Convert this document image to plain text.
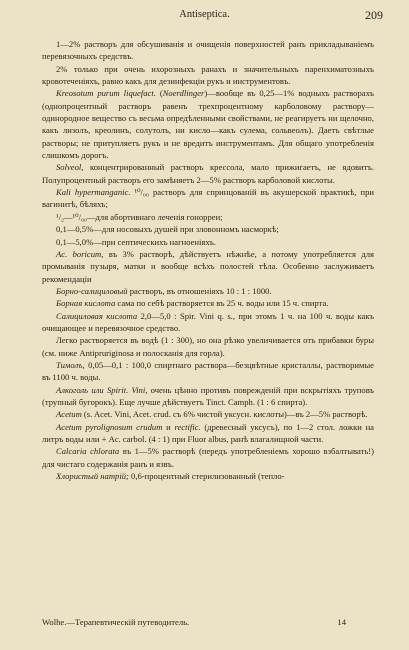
Antiseptica.	209

1—2% растворъ для обсушиванія и очищенія поверхностей ранъ прикладываніемъ перевязочныхъ средствъ.

2% только при очень ихорозныхъ ранахъ и значительныхъ паренхиматозныхъ кровотеченіяхъ, равно какъ для дезинфекціи рукъ и инструментовъ.

Kreosotum purum liquefact. (Noerdlinger)—вообще въ 0,25—1% водныхъ растворахъ (однопроцентный растворъ равенъ трехпроцентному карболовому раствору—одинородное вещество съ весьма опредѣленными свойствами, не реагируетъ ни щелочно, какъ лизолъ, креолинъ, солутолъ, ни кисло—какъ сулема, сольвеолъ). Даетъ свѣтлые растворы; не притупляетъ рукъ и не вредитъ инструментамъ. Для общаго употребленія слишкомъ дорогъ.

Solveol, концентрированный растворъ крессола, мало прижигаетъ, не ядовитъ. Полупроцентный растворъ его замѣняетъ 2—5% растворъ карболовой кислоты.

Kali hypermanganic. ¹⁰/₀₀ растворъ для спринцованій въ акушерской практикѣ, при вагинитѣ, бѣляхъ;

¹/₂—¹⁰/₀₀—для абортивнаго леченія гонорреи;

0,1—0,5%—для носовыхъ душей при зловонномъ насморкѣ;

0,1—5,0%—при септическихъ нагноеніяхъ.

Ac. boricum, въ 3% растворѣ, дѣйствуетъ нѣжнѣе, а потому употребляется для промыванія пузыря, матки и вообще всѣхъ полостей тѣла. Особенно заслуживаетъ рекомендаціи

Борно-салициловый растворъ, въ отношеніяхъ 10 : 1 : 1000.

Борная кислота сама по себѣ растворяется въ 25 ч. воды или 15 ч. спирта.

Салициловая кислота 2,0—5,0 : Spir. Vini q. s., при этомъ 1 ч. на 100 ч. воды какъ очищающее и перевязочное средство.

Легко растворяется въ водѣ (1 : 300), но она рѣзко увеличивается отъ прибавки буры (см. ниже Antipruriginosa и полосканія для горла).

Тимолъ, 0,05—0,1 : 100,0 спиртнаго раствора—безцвѣтные кристаллы, растворимые въ 1100 ч. воды.

Алкоголь или Spirit. Vini, очень цѣнно противъ поврежденій при вскрытіяхъ труповъ (трупный бугорокъ). Еще лучше дѣйствуетъ Tinct. Camph. (1 : 6 спирта).

Acetum (s. Acet. Vini, Acet. crud. съ 6% чистой уксусн. кислоты)—въ 2—5% растворѣ.

Acetum pyrolignosum crudum и rectific. (древесный уксусъ), по 1—2 стол. ложки на литръ воды или + Ac. carbol. (4 : 1) при Fluor albus, ранѣ влагалищной части.

Calcaria chlorata въ 1—5% растворѣ (передъ употребленіемъ хорошо взбалтывать!) для чистаго содержанія ранъ и язвъ.

Хлористый натрій; 0,6-процентный стерилизованный (тепло-

Wolhe.—Терапевтическій путеводитель.	14
